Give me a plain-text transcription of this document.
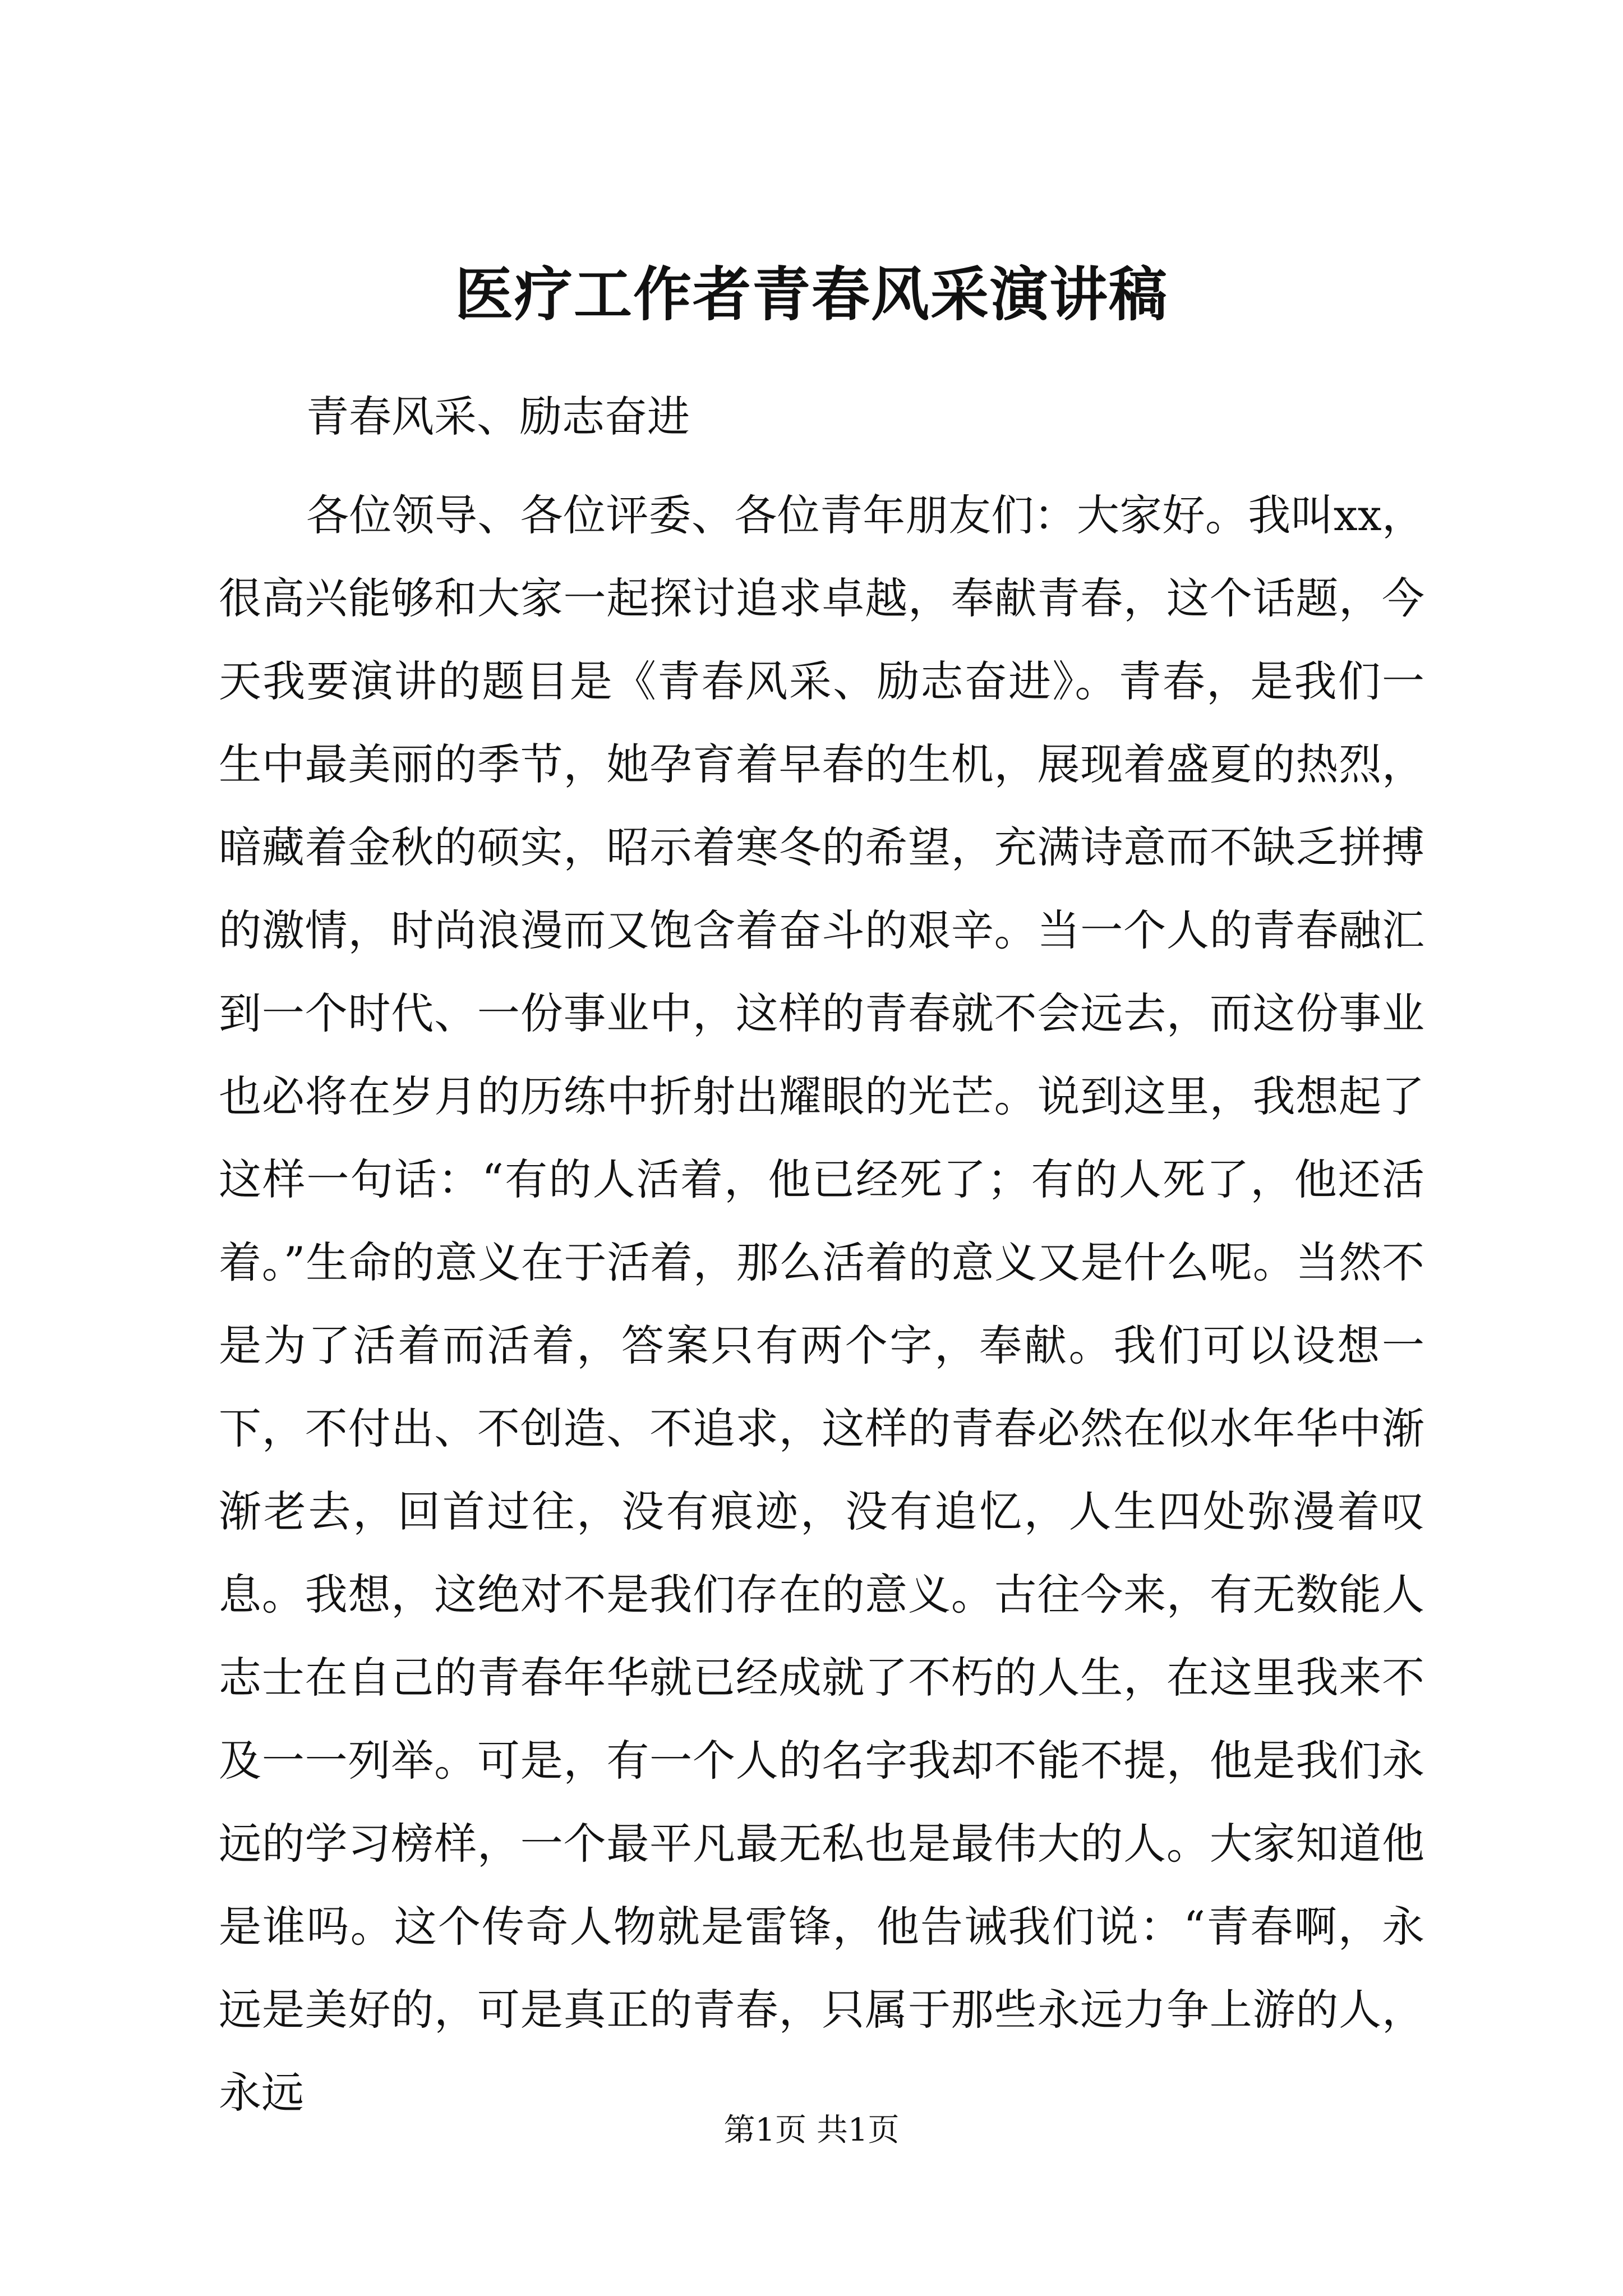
医疗工作者青春风采演讲稿

青春风采、励志奋进

各位领导、各位评委、各位青年朋友们：大家好。我叫xx，很高兴能够和大家一起探讨追求卓越，奉献青春，这个话题，今天我要演讲的题目是《青春风采、励志奋进》。青春，是我们一生中最美丽的季节，她孕育着早春的生机，展现着盛夏的热烈，暗藏着金秋的硕实，昭示着寒冬的希望，充满诗意而不缺乏拼搏的激情，时尚浪漫而又饱含着奋斗的艰辛。当一个人的青春融汇到一个时代、一份事业中，这样的青春就不会远去，而这份事业也必将在岁月的历练中折射出耀眼的光芒。说到这里，我想起了这样一句话：“有的人活着，他已经死了；有的人死了，他还活着。”生命的意义在于活着，那么活着的意义又是什么呢。当然不是为了活着而活着，答案只有两个字，奉献。我们可以设想一下，不付出、不创造、不追求，这样的青春必然在似水年华中渐渐老去，回首过往，没有痕迹，没有追忆，人生四处弥漫着叹息。我想，这绝对不是我们存在的意义。古往今来，有无数能人志士在自己的青春年华就已经成就了不朽的人生，在这里我来不及一一列举。可是，有一个人的名字我却不能不提，他是我们永远的学习榜样，一个最平凡最无私也是最伟大的人。大家知道他是谁吗。这个传奇人物就是雷锋，他告诫我们说：“青春啊，永远是美好的，可是真正的青春，只属于那些永远力争上游的人，永远

第1页 共1页
